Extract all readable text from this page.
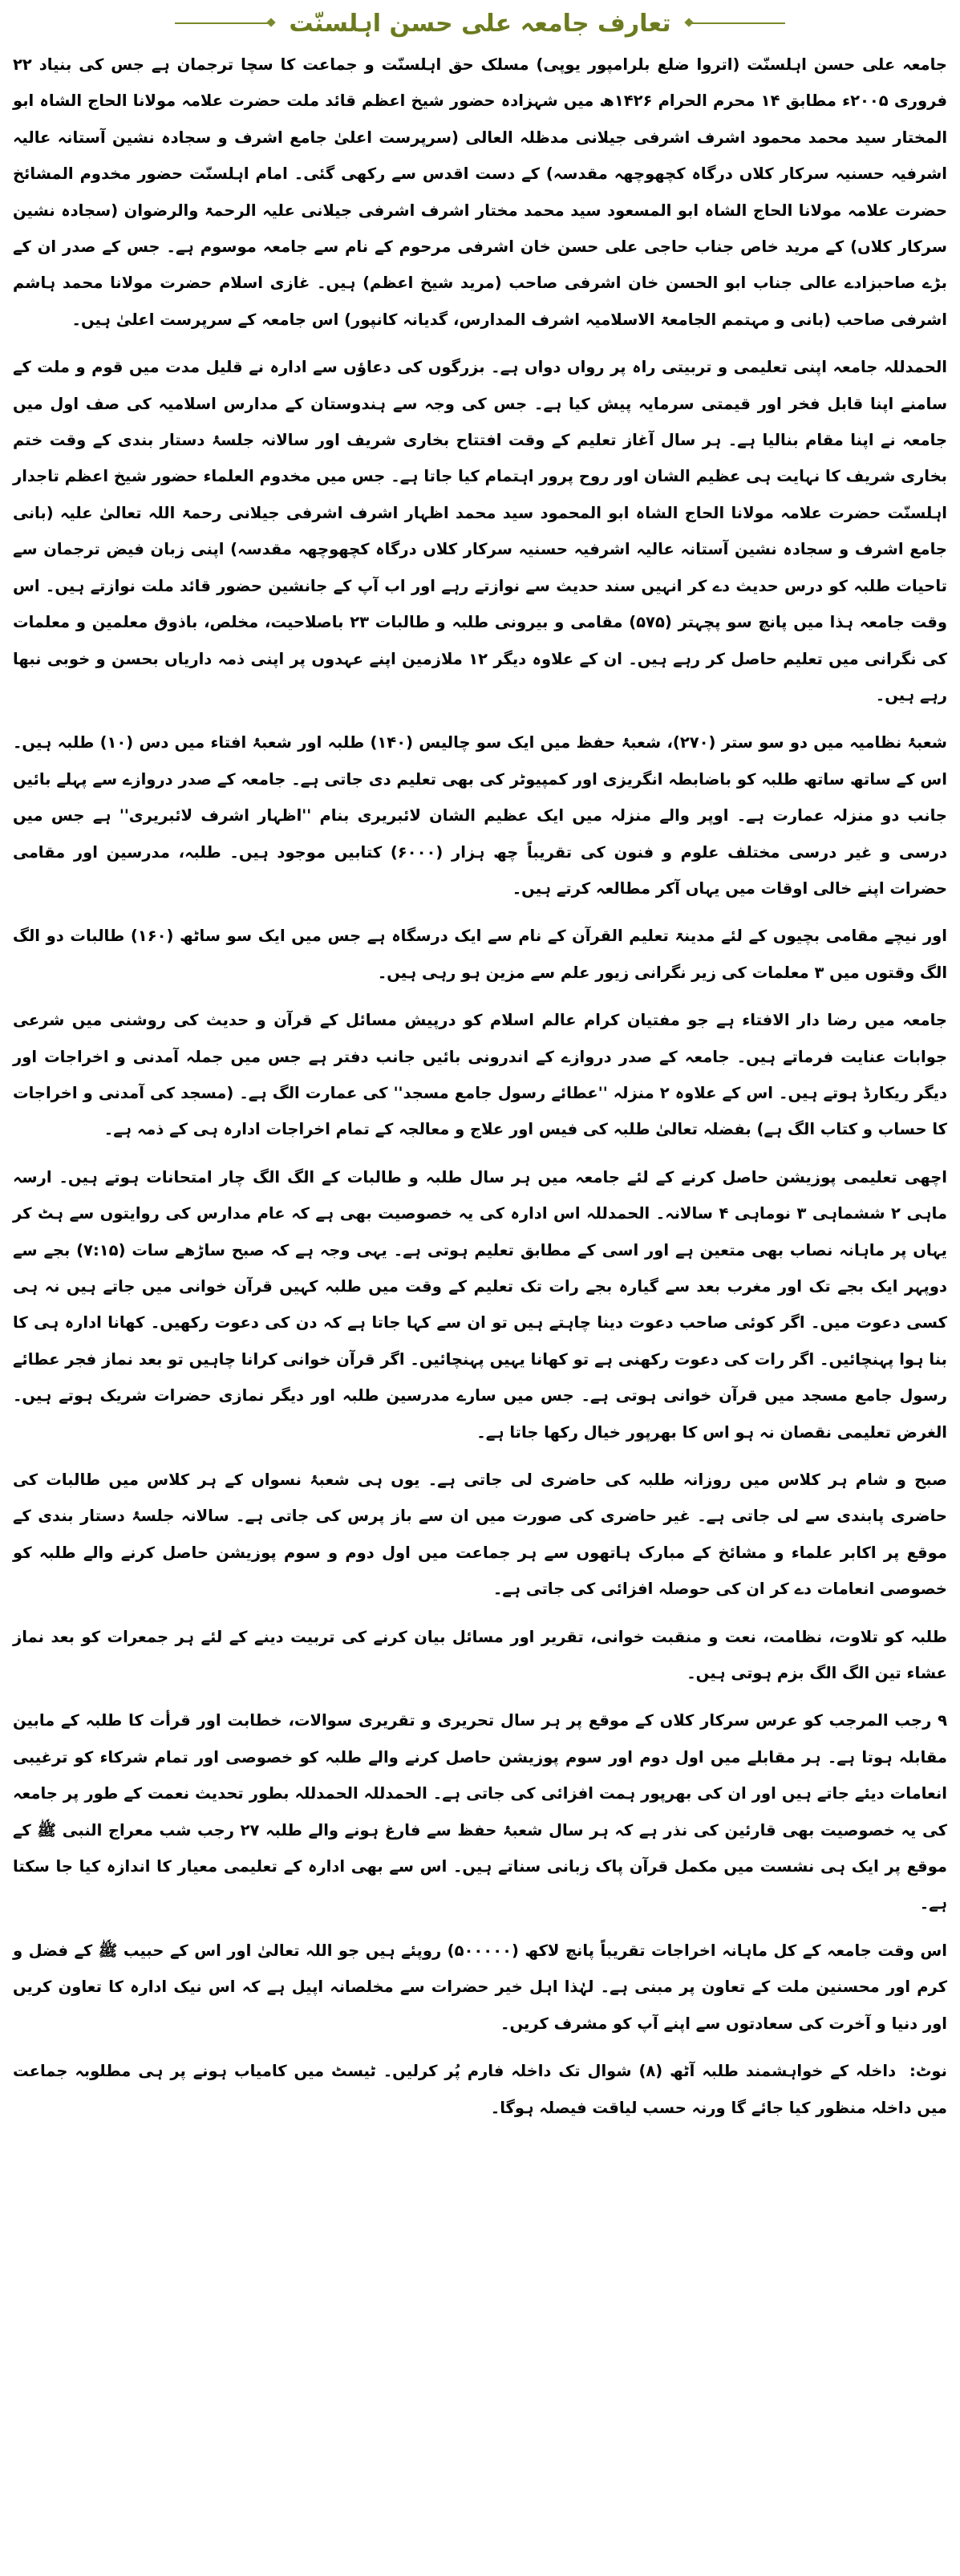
تعارف جامعہ علی حسن اہلسنّت

جامعہ علی حسن اہلسنّت (اتروا ضلع بلرامپور یوپی) مسلک حق اہلسنّت و جماعت کا سچا ترجمان ہے جس کی بنیاد ۲۲ فروری ۲۰۰۵ء مطابق ۱۴ محرم الحرام ۱۴۲۶ھ میں شہزادہ حضور شیخ اعظم قائد ملت حضرت علامہ مولانا الحاج الشاہ ابو المختار سید محمد محمود اشرف اشرفی جیلانی مدظلہ العالی (سرپرست اعلیٰ جامع اشرف و سجادہ نشین آستانہ عالیہ اشرفیہ حسنیہ سرکار کلاں درگاہ کچھوچھہ مقدسہ) کے دست اقدس سے رکھی گئی۔ امام اہلسنّت حضور مخدوم المشائخ حضرت علامہ مولانا الحاج الشاہ ابو المسعود سید محمد مختار اشرف اشرفی جیلانی علیہ الرحمۃ والرضوان (سجادہ نشین سرکار کلاں) کے مرید خاص جناب حاجی علی حسن خان اشرفی مرحوم کے نام سے جامعہ موسوم ہے۔ جس کے صدر ان کے بڑے صاحبزادے عالی جناب ابو الحسن خان اشرفی صاحب (مرید شیخ اعظم) ہیں۔ غازی اسلام حضرت مولانا محمد ہاشم اشرفی صاحب (بانی و مہتمم الجامعۃ الاسلامیہ اشرف المدارس، گدیانہ کانپور) اس جامعہ کے سرپرست اعلیٰ ہیں۔

الحمدللہ جامعہ اپنی تعلیمی و تربیتی راہ پر رواں دواں ہے۔ بزرگوں کی دعاؤں سے ادارہ نے قلیل مدت میں قوم و ملت کے سامنے اپنا قابل فخر اور قیمتی سرمایہ پیش کیا ہے۔ جس کی وجہ سے ہندوستان کے مدارس اسلامیہ کی صف اول میں جامعہ نے اپنا مقام بنالیا ہے۔ ہر سال آغاز تعلیم کے وقت افتتاح بخاری شریف اور سالانہ جلسۂ دستار بندی کے وقت ختم بخاری شریف کا نہایت ہی عظیم الشان اور روح پرور اہتمام کیا جاتا ہے۔ جس میں مخدوم العلماء حضور شیخ اعظم تاجدار اہلسنّت حضرت علامہ مولانا الحاج الشاہ ابو المحمود سید محمد اظہار اشرف اشرفی جیلانی رحمۃ اللہ تعالیٰ علیہ (بانی جامع اشرف و سجادہ نشین آستانہ عالیہ اشرفیہ حسنیہ سرکار کلاں درگاہ کچھوچھہ مقدسہ) اپنی زبان فیض ترجمان سے تاحیات طلبہ کو درس حدیث دے کر انہیں سند حدیث سے نوازتے رہے اور اب آپ کے جانشین حضور قائد ملت نوازتے ہیں۔ اس وقت جامعہ ہذا میں پانچ سو پچہتر (۵۷۵) مقامی و بیرونی طلبہ و طالبات ۲۳ باصلاحیت، مخلص، باذوق معلمین و معلمات کی نگرانی میں تعلیم حاصل کر رہے ہیں۔ ان کے علاوہ دیگر ۱۲ ملازمین اپنے عہدوں پر اپنی ذمہ داریاں بحسن و خوبی نبھا رہے ہیں۔

شعبۂ نظامیہ میں دو سو ستر (۲۷۰)، شعبۂ حفظ میں ایک سو چالیس (۱۴۰) طلبہ اور شعبۂ افتاء میں دس (۱۰) طلبہ ہیں۔ اس کے ساتھ ساتھ طلبہ کو باضابطہ انگریزی اور کمپیوٹر کی بھی تعلیم دی جاتی ہے۔ جامعہ کے صدر دروازے سے پہلے بائیں جانب دو منزلہ عمارت ہے۔ اوپر والے منزلہ میں ایک عظیم الشان لائبریری بنام ''اظہار اشرف لائبریری'' ہے جس میں درسی و غیر درسی مختلف علوم و فنون کی تقریباً چھ ہزار (۶۰۰۰) کتابیں موجود ہیں۔ طلبہ، مدرسین اور مقامی حضرات اپنے خالی اوقات میں یہاں آکر مطالعہ کرتے ہیں۔

اور نیچے مقامی بچیوں کے لئے مدینۃ تعلیم القرآن کے نام سے ایک درسگاہ ہے جس میں ایک سو ساٹھ (۱۶۰) طالبات دو الگ الگ وقتوں میں ۳ معلمات کی زیر نگرانی زیور علم سے مزین ہو رہی ہیں۔

جامعہ میں رضا دار الافتاء ہے جو مفتیان کرام عالم اسلام کو درپیش مسائل کے قرآن و حدیث کی روشنی میں شرعی جوابات عنایت فرماتے ہیں۔ جامعہ کے صدر دروازے کے اندرونی بائیں جانب دفتر ہے جس میں جملہ آمدنی و اخراجات اور دیگر ریکارڈ ہوتے ہیں۔ اس کے علاوہ ۲ منزلہ ''عطائے رسول جامع مسجد'' کی عمارت الگ ہے۔ (مسجد کی آمدنی و اخراجات کا حساب و کتاب الگ ہے) بفضلہ تعالیٰ طلبہ کی فیس اور علاج و معالجہ کے تمام اخراجات ادارہ ہی کے ذمہ ہے۔

اچھی تعلیمی پوزیشن حاصل کرنے کے لئے جامعہ میں ہر سال طلبہ و طالبات کے الگ الگ چار امتحانات ہوتے ہیں۔ ارسہ ماہی ۲ ششماہی ۳ نوماہی ۴ سالانہ۔ الحمدللہ اس ادارہ کی یہ خصوصیت بھی ہے کہ عام مدارس کی روایتوں سے ہٹ کر یہاں پر ماہانہ نصاب بھی متعین ہے اور اسی کے مطابق تعلیم ہوتی ہے۔ یہی وجہ ہے کہ صبح ساڑھے سات (۷:۱۵) بجے سے دوپہر ایک بجے تک اور مغرب بعد سے گیارہ بجے رات تک تعلیم کے وقت میں طلبہ کہیں قرآن خوانی میں جاتے ہیں نہ ہی کسی دعوت میں۔ اگر کوئی صاحب دعوت دینا چاہتے ہیں تو ان سے کہا جاتا ہے کہ دن کی دعوت رکھیں۔ کھانا ادارہ ہی کا بنا ہوا پہنچائیں۔ اگر رات کی دعوت رکھنی ہے تو کھانا یہیں پہنچائیں۔ اگر قرآن خوانی کرانا چاہیں تو بعد نماز فجر عطائے رسول جامع مسجد میں قرآن خوانی ہوتی ہے۔ جس میں سارے مدرسین طلبہ اور دیگر نمازی حضرات شریک ہوتے ہیں۔ الغرض تعلیمی نقصان نہ ہو اس کا بھرپور خیال رکھا جاتا ہے۔

صبح و شام ہر کلاس میں روزانہ طلبہ کی حاضری لی جاتی ہے۔ یوں ہی شعبۂ نسواں کے ہر کلاس میں طالبات کی حاضری پابندی سے لی جاتی ہے۔ غیر حاضری کی صورت میں ان سے باز پرس کی جاتی ہے۔ سالانہ جلسۂ دستار بندی کے موقع پر اکابر علماء و مشائخ کے مبارک ہاتھوں سے ہر جماعت میں اول دوم و سوم پوزیشن حاصل کرنے والے طلبہ کو خصوصی انعامات دے کر ان کی حوصلہ افزائی کی جاتی ہے۔

طلبہ کو تلاوت، نظامت، نعت و منقبت خوانی، تقریر اور مسائل بیان کرنے کی تربیت دینے کے لئے ہر جمعرات کو بعد نماز عشاء تین الگ الگ بزم ہوتی ہیں۔

۹ رجب المرجب کو عرس سرکار کلاں کے موقع پر ہر سال تحریری و تقریری سوالات، خطابت اور قرأت کا طلبہ کے مابین مقابلہ ہوتا ہے۔ ہر مقابلے میں اول دوم اور سوم پوزیشن حاصل کرنے والے طلبہ کو خصوصی اور تمام شرکاء کو ترغیبی انعامات دیئے جاتے ہیں اور ان کی بھرپور ہمت افزائی کی جاتی ہے۔ الحمدللہ الحمدللہ بطور تحدیث نعمت کے طور پر جامعہ کی یہ خصوصیت بھی قارئین کی نذر ہے کہ ہر سال شعبۂ حفظ سے فارغ ہونے والے طلبہ ۲۷ رجب شب معراج النبی ﷺ کے موقع پر ایک ہی نشست میں مکمل قرآن پاک زبانی سناتے ہیں۔ اس سے بھی ادارہ کے تعلیمی معیار کا اندازہ کیا جا سکتا ہے۔

اس وقت جامعہ کے کل ماہانہ اخراجات تقریباً پانچ لاکھ (۵۰۰۰۰۰) روپئے ہیں جو اللہ تعالیٰ اور اس کے حبیب ﷺ کے فضل و کرم اور محسنین ملت کے تعاون پر مبنی ہے۔ لہٰذا اہل خیر حضرات سے مخلصانہ اپیل ہے کہ اس نیک ادارہ کا تعاون کریں اور دنیا و آخرت کی سعادتوں سے اپنے آپ کو مشرف کریں۔

نوٹ: داخلہ کے خواہشمند طلبہ آٹھ (۸) شوال تک داخلہ فارم پُر کرلیں۔ ٹیسٹ میں کامیاب ہونے پر ہی مطلوبہ جماعت میں داخلہ منظور کیا جائے گا ورنہ حسب لیاقت فیصلہ ہوگا۔
